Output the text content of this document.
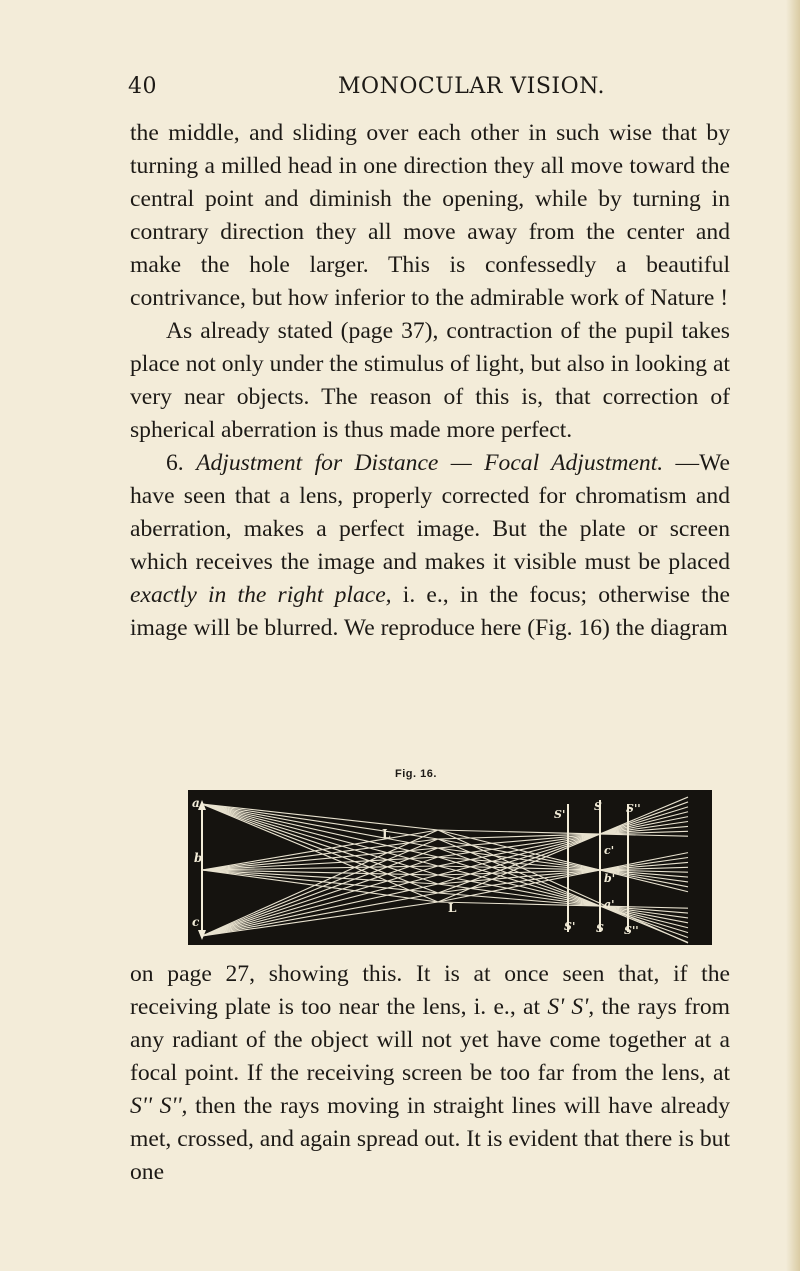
40	MONOCULAR VISION.

the middle, and sliding over each other in such wise that by turning a milled head in one direction they all move toward the central point and diminish the opening, while by turning in contrary direction they all move away from the center and make the hole larger. This is confessedly a beautiful contrivance, but how inferior to the admirable work of Nature !

As already stated (page 37), contraction of the pupil takes place not only under the stimulus of light, but also in looking at very near objects. The reason of this is, that correction of spherical aberration is thus made more perfect.

6. Adjustment for Distance — Focal Adjustment. —We have seen that a lens, properly corrected for chromatism and aberration, makes a perfect image. But the plate or screen which receives the image and makes it visible must be placed exactly in the right place, i. e., in the focus; otherwise the image will be blurred. We reproduce here (Fig. 16) the diagram

Fig. 16.
a
b
c
L
L
S'
S S''
S' S S''
c'
b'
a'

on page 27, showing this. It is at once seen that, if the receiving plate is too near the lens, i. e., at S' S', the rays from any radiant of the object will not yet have come together at a focal point. If the receiving screen be too far from the lens, at S'' S'', then the rays moving in straight lines will have already met, crossed, and again spread out. It is evident that there is but one
